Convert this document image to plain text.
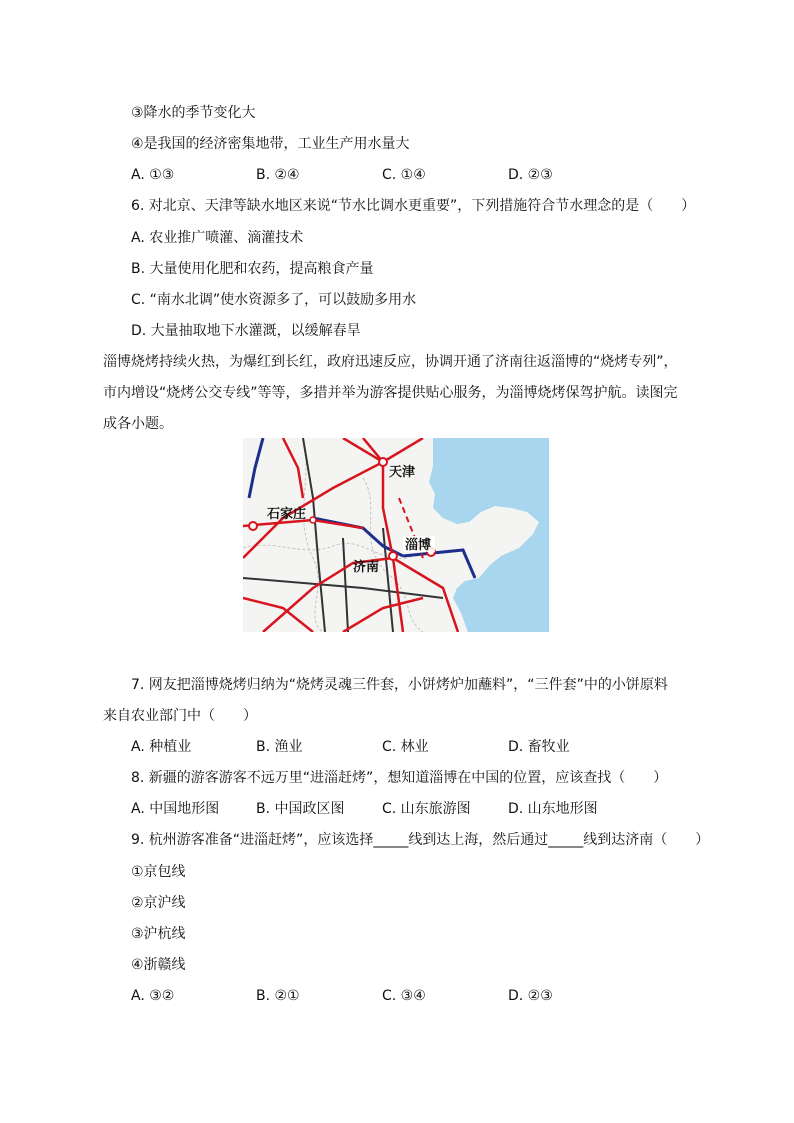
③降水的季节变化大
④是我国的经济密集地带，工业生产用水量大
A. ①③	B. ②④	C. ①④	D. ②③
6. 对北京、天津等缺水地区来说“节水比调水更重要”，下列措施符合节水理念的是（　　）
A. 农业推广喷灌、滴灌技术
B. 大量使用化肥和农药，提高粮食产量
C. “南水北调”使水资源多了，可以鼓励多用水
D. 大量抽取地下水灌溉，以缓解春旱
淄博烧烤持续火热，为爆红到长红，政府迅速反应，协调开通了济南往返淄博的“烧烤专列”，
市内增设“烧烤公交专线”等等，多措并举为游客提供贴心服务，为淄博烧烤保驾护航。读图完
成各小题。
天津
石家庄
淄博
济南
7. 网友把淄博烧烤归纳为“烧烤灵魂三件套，小饼烤炉加蘸料”，“三件套”中的小饼原料
来自农业部门中（　　）
A. 种植业	B. 渔业	C. 林业	D. 畜牧业
8. 新疆的游客游客不远万里“进淄赶烤”，想知道淄博在中国的位置，应该查找（　　）
A. 中国地形图	B. 中国政区图	C. 山东旅游图	D. 山东地形图
9. 杭州游客准备“进淄赶烤”，应该选择_____线到达上海，然后通过_____线到达济南（　　）
①京包线
②京沪线
③沪杭线
④浙赣线
A. ③②	B. ②①	C. ③④	D. ②③
